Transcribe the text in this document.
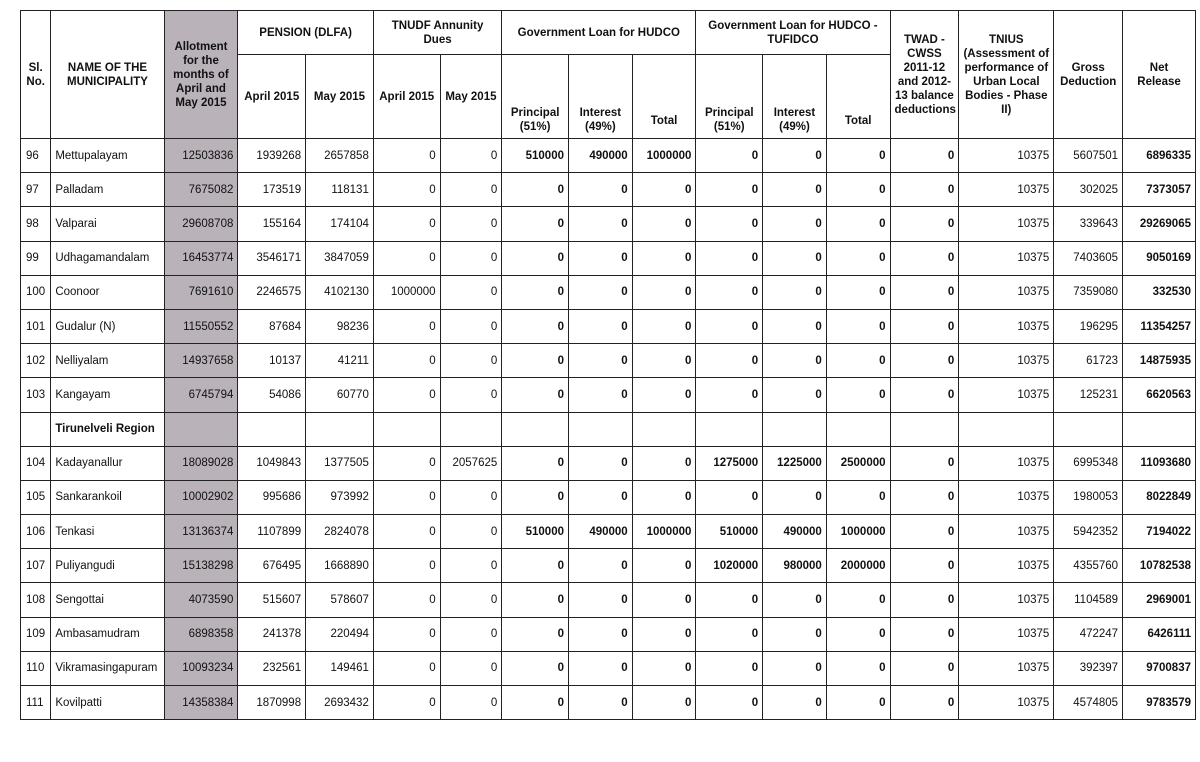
Sl. No.	NAME OF THE MUNICIPALITY	Allotment for the months of April and May 2015	PENSION (DLFA)		TNUDF Annunity Dues		Government Loan for HUDCO			Government Loan for HUDCO - TUFIDCO			TWAD - CWSS 2011-12 and 2012-13 balance deductions	TNIUS (Assessment of performance of Urban Local Bodies - Phase II)	Gross Deduction	Net Release
			April 2015	May 2015	April 2015	May 2015	Principal (51%)	Interest (49%)	Total	Principal (51%)	Interest (49%)	Total				
96	Mettupalayam	12503836	1939268	2657858	0	0	510000	490000	1000000	0	0	0	0	10375	5607501	6896335
97	Palladam	7675082	173519	118131	0	0	0	0	0	0	0	0	0	10375	302025	7373057
98	Valparai	29608708	155164	174104	0	0	0	0	0	0	0	0	0	10375	339643	29269065
99	Udhagamandalam	16453774	3546171	3847059	0	0	0	0	0	0	0	0	0	10375	7403605	9050169
100	Coonoor	7691610	2246575	4102130	1000000	0	0	0	0	0	0	0	0	10375	7359080	332530
101	Gudalur (N)	11550552	87684	98236	0	0	0	0	0	0	0	0	0	10375	196295	11354257
102	Nelliyalam	14937658	10137	41211	0	0	0	0	0	0	0	0	0	10375	61723	14875935
103	Kangayam	6745794	54086	60770	0	0	0	0	0	0	0	0	0	10375	125231	6620563
	Tirunelveli Region															
104	Kadayanallur	18089028	1049843	1377505	0	2057625	0	0	0	1275000	1225000	2500000	0	10375	6995348	11093680
105	Sankarankoil	10002902	995686	973992	0	0	0	0	0	0	0	0	0	10375	1980053	8022849
106	Tenkasi	13136374	1107899	2824078	0	0	510000	490000	1000000	510000	490000	1000000	0	10375	5942352	7194022
107	Puliyangudi	15138298	676495	1668890	0	0	0	0	0	1020000	980000	2000000	0	10375	4355760	10782538
108	Sengottai	4073590	515607	578607	0	0	0	0	0	0	0	0	0	10375	1104589	2969001
109	Ambasamudram	6898358	241378	220494	0	0	0	0	0	0	0	0	0	10375	472247	6426111
110	Vikramasingapuram	10093234	232561	149461	0	0	0	0	0	0	0	0	0	10375	392397	9700837
111	Kovilpatti	14358384	1870998	2693432	0	0	0	0	0	0	0	0	0	10375	4574805	9783579
